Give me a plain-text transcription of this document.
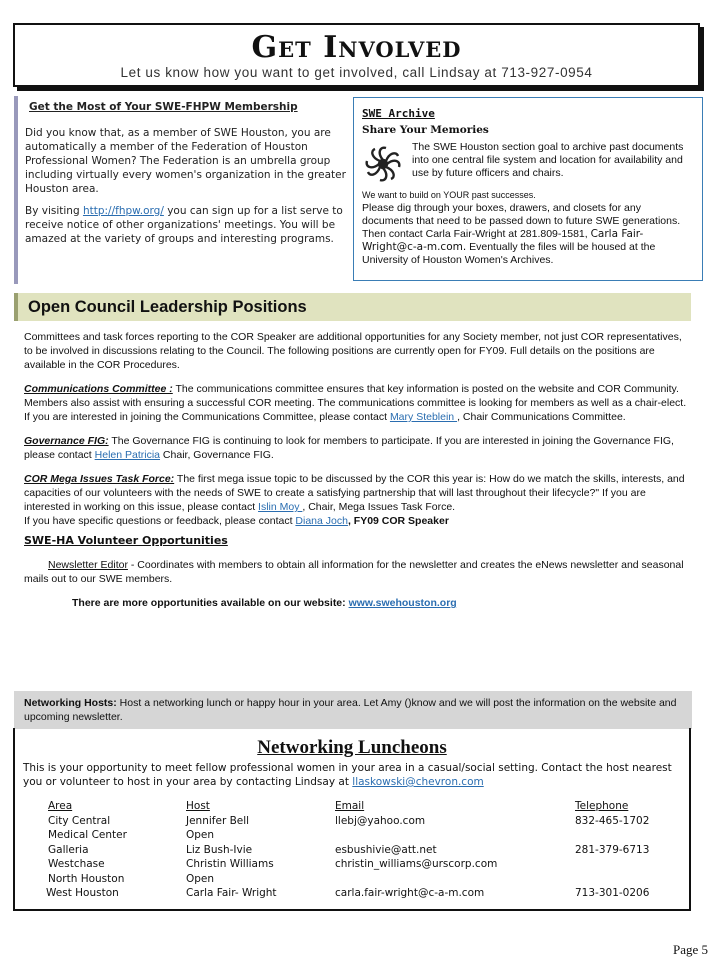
Get Involved
Let us know how you want to get involved, call Lindsay at 713-927-0954
Get the Most of Your SWE-FHPW Membership

Did you know that, as a member of SWE Houston, you are automatically a member of the Federation of Houston Professional Women? The Federation is an umbrella group including virtually every women's organization in the greater Houston area.

By visiting http://fhpw.org/ you can sign up for a list serve to receive notice of other organizations' meetings. You will be amazed at the variety of groups and interesting programs.

SWE Archive
Share Your Memories
The SWE Houston section goal to archive past documents into one central file system and location for availability and use by future officers and chairs.
We want to build on YOUR past successes.
Please dig through your boxes, drawers, and closets for any documents that need to be passed down to future SWE generations. Then contact Carla Fair-Wright at 281.809-1581, Carla Fair-Wright@c-a-m.com. Eventually the files will be housed at the University of Houston Women's Archives.
Open Council Leadership Positions

Committees and task forces reporting to the COR Speaker are additional opportunities for any Society member, not just COR representatives, to be involved in discussions relating to the Council. The following positions are currently open for FY09. Full details on the positions are available in the COR Procedures.

Communications Committee : The communications committee ensures that key information is posted on the website and COR Community. Members also assist with ensuring a successful COR meeting. The communications committee is looking for members as well as a chair-elect. If you are interested in joining the Communications Committee, please contact Mary Steblein , Chair Communications Committee.

Governance FIG: The Governance FIG is continuing to look for members to participate. If you are interested in joining the Governance FIG, please contact Helen Patricia Chair, Governance FIG.

COR Mega Issues Task Force: The first mega issue topic to be discussed by the COR this year is: How do we match the skills, interests, and capacities of our volunteers with the needs of SWE to create a satisfying partnership that will last throughout their lifecycle?" If you are interested in working on this issue, please contact Islin Moy , Chair, Mega Issues Task Force.

If you have specific questions or feedback, please contact Diana Joch, FY09 COR Speaker

SWE-HA Volunteer Opportunities

Newsletter Editor - Coordinates with members to obtain all information for the newsletter and creates the eNews newsletter and seasonal mails out to our SWE members.

There are more opportunities available on our website: www.swehouston.org

Networking Hosts: Host a networking lunch or happy hour in your area. Let Amy ()know and we will post the information on the website and upcoming newsletter.
Networking Luncheons
This is your opportunity to meet fellow professional women in your area in a casual/social setting. Contact the host nearest you or volunteer to host in your area by contacting Lindsay at llaskowski@chevron.com
Area	Host	Email	Telephone
City Central	Jennifer Bell	llebj@yahoo.com	832-465-1702
Medical Center	Open
Galleria	Liz Bush-Ivie	esbushivie@att.net	281-379-6713
Westchase	Christin Williams	christin_williams@urscorp.com
North Houston	Open
West Houston	Carla Fair- Wright	carla.fair-wright@c-a-m.com	713-301-0206
Page 5
